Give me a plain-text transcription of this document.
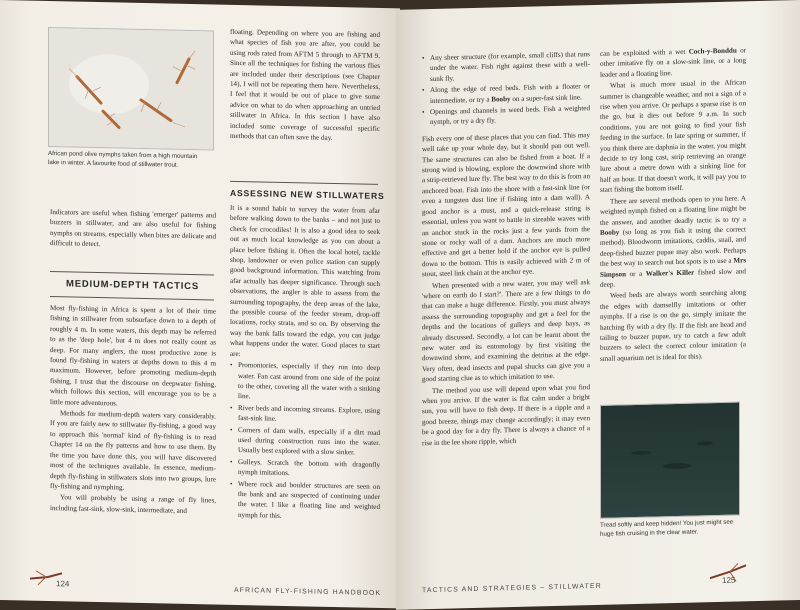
African pond olive nymphs taken from a high mountain lake in winter. A favourite food of stillwater trout.

Indicators are useful when fishing 'emerger' patterns and buzzers in stillwater, and are also useful for fishing nymphs on streams, especially when bites are delicate and difficult to detect.

MEDIUM-DEPTH TACTICS

Most fly-fishing in Africa is spent a lot of their time fishing in stillwater from subsurface down to a depth of roughly 4 m. In some waters, this depth may be referred to as the 'deep hole', but 4 m does not really count as deep. For many anglers, the most productive zone is found fly-fishing in waters at depths down to this 4 m maximum. However, before promoting medium-depth fishing, I trust that the discourse on deepwater fishing, which follows this section, will encourage you to be a little more adventurous.

Methods for medium-depth waters vary considerably. If you are fairly new to stillwater fly-fishing, a good way to approach this 'normal' kind of fly-fishing is to read Chapter 14 on the fly patterns and how to use them. By the time you have done this, you will have discovered most of the techniques available. In essence, medium-depth fly-fishing in stillwaters slots into two groups, lure fly-fishing and nymphing.

You will probably be using a range of fly lines, including fast-sink, slow-sink, intermediate, and

floating. Depending on where you are fishing and what species of fish you are after, you could be using rods rated from AFTM 5 through to AFTM 9. Since all the techniques for fishing the various flies are included under their descriptions (see Chapter 14), I will not be repeating them here. Nevertheless, I feel that it would be out of place to give some advice on what to do when approaching an untried stillwater in Africa. In this section I have also included some coverage of successful specific methods that can often save the day.

ASSESSING NEW STILLWATERS

It is a sound habit to survey the water from afar before walking down to the banks – and not just to check for crocodiles! It is also a good idea to seek out as much local knowledge as you can about a place before fishing it. Often the local hotel, tackle shop, landowner or even police station can supply good background information. This watching from afar actually has deeper significance. Through such observations, the angler is able to assess from the surrounding topography, the deep areas of the lake, the possible course of the feeder stream, drop-off locations, rocky strata, and so on. By observing the way the bank falls toward the edge, you can judge what happens under the water. Good places to start are:

• Promontories, especially if they run into deep water. Fan cast around from one side of the point to the other, covering all the water with a sinking line.
• River beds and incoming streams. Explore, using fast-sink line.
• Corners of dam walls, especially if a dirt road used during construction runs into the water. Usually best explored with a slow sinker.
• Gulleys. Scratch the bottom with dragonfly nymph imitations.
• Where rock and boulder structures are seen on the bank and are suspected of continuing under the water. I like a floating line and weighted nymph for this.
124
AFRICAN FLY-FISHING HANDBOOK
• Any sheer structure (for example, small cliffs) that runs under the water. Fish right against these with a well-sunk fly.
• Along the edge of reed beds. Fish with a floater or intermediate, or try a Booby on a super-fast sink line.
• Openings and channels in weed beds. Fish a weighted nymph, or try a dry fly.

Fish every one of these places that you can find. This may well take up your whole day, but it should pan out well. The same structures can also be fished from a boat. If a strong wind is blowing, explore the downwind shore with a strip-retrieved lure fly. The best way to do this is from an anchored boat. Fish into the shore with a fast-sink line (or even a tungsten dust line if fishing into a dam wall). A good anchor is a must, and a quick-release string is essential, unless you want to battle in sizeable waves with an anchor stuck in the rocks just a few yards from the stone or rocky wall of a dam. Anchors are much more effective and get a better hold if the anchor eye is pulled down to the bottom. This is easily achieved with 2 m of stout, steel link chain at the anchor eye.

When presented with a new water, you may well ask 'where on earth do I start?'. There are a few things to do that can make a huge difference. Firstly, you must always assess the surrounding topography and get a feel for the depths and the locations of gulleys and deep bays, as already discussed. Secondly, a lot can be learnt about the new water and its entomology by first visiting the downwind shore, and examining the detritus at the edge. Very often, dead insects and pupal shucks can give you a good starting clue as to which imitation to use.

The method you use will depend upon what you find when you arrive. If the water is flat calm under a bright sun, you will have to fish deep. If there is a ripple and a good breeze, things may change accordingly; it may even be a good day for a dry fly. There is always a chance of a rise in the lee shore ripple, which

can be exploited with a wet Coch-y-Bonddu or other imitative fly on a slow-sink line, or a long leader and a floating line.

What is much more usual in the African summer is changeable weather, and not a sign of a rise when you arrive. Or perhaps a sparse rise is on the go, but it dies out before 9 a.m. In such conditions, you are not going to find your fish feeding in the surface. In late spring or summer, if you think there are daphnia in the water, you might decide to try long cast, strip retrieving an orange lure about a metre down with a sinking line for half an hour. If that doesn't work, it will pay you to start fishing the bottom itself.

There are several methods open to you here. A weighted nymph fished on a floating line might be the answer, and another deadly tactic is to try a Booby (so long as you fish it using the correct method). Bloodworm imitations, caddis, snail, and deep-fished buzzer pupae may also work. Perhaps the best way to search out hot spots is to use a Mrs Simpson or a Walker's Killer fished slow and deep.

Weed beds are always worth searching along the edges with damselfly imitations or other nymphs. If a rise is on the go, simply imitate the hatching fly with a dry fly. If the fish are head and tailing to buzzer pupae, try to catch a few adult buzzers to select the correct colour imitation (a small aquarium net is ideal for this).

Tread softly and keep hidden! You just might see huge fish cruising in the clear water.
TACTICS AND STRATEGIES – STILLWATER
125
